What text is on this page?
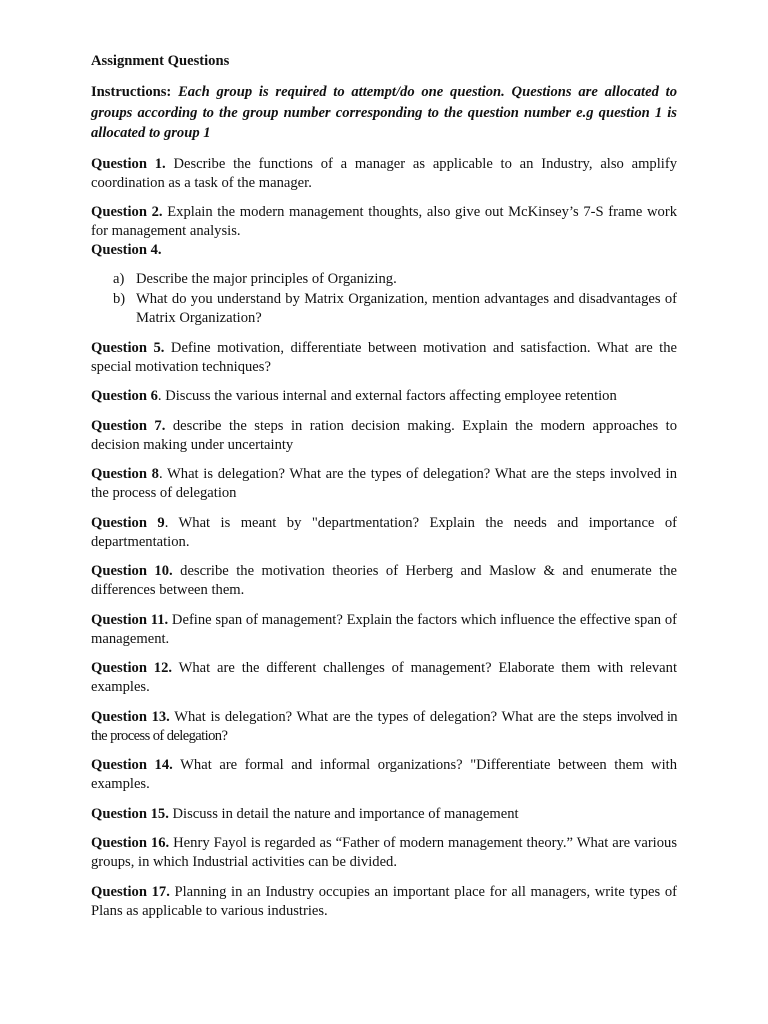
Assignment Questions

Instructions: Each group is required to attempt/do one question. Questions are allocated to groups according to the group number corresponding to the question number e.g question 1 is allocated to group 1

Question 1. Describe the functions of a manager as applicable to an Industry, also amplify coordination as a task of the manager.

Question 2. Explain the modern management thoughts, also give out McKinsey’s 7-S frame work for management analysis.

Question 4.

a) Describe the major principles of Organizing.
b) What do you understand by Matrix Organization, mention advantages and disadvantages of Matrix Organization?

Question 5. Define motivation, differentiate between motivation and satisfaction. What are the special motivation techniques?

Question 6. Discuss the various internal and external factors affecting employee retention

Question 7. describe the steps in ration decision making. Explain the modern approaches to decision making under uncertainty

Question 8. What is delegation? What are the types of delegation? What are the steps involved in the process of delegation

Question 9. What is meant by "departmentation? Explain the needs and importance of departmentation.

Question 10. describe the motivation theories of Herberg and Maslow & and enumerate the differences between them.

Question 11. Define span of management? Explain the factors which influence the effective span of management.

Question 12. What are the different challenges of management? Elaborate them with relevant examples.

Question 13. What is delegation? What are the types of delegation? What are the steps involved in the process of delegation?

Question 14. What are formal and informal organizations? "Differentiate between them with examples.

Question 15. Discuss in detail the nature and importance of management

Question 16. Henry Fayol is regarded as “Father of modern management theory.” What are various groups, in which Industrial activities can be divided.

Question 17. Planning in an Industry occupies an important place for all managers, write types of Plans as applicable to various industries.
